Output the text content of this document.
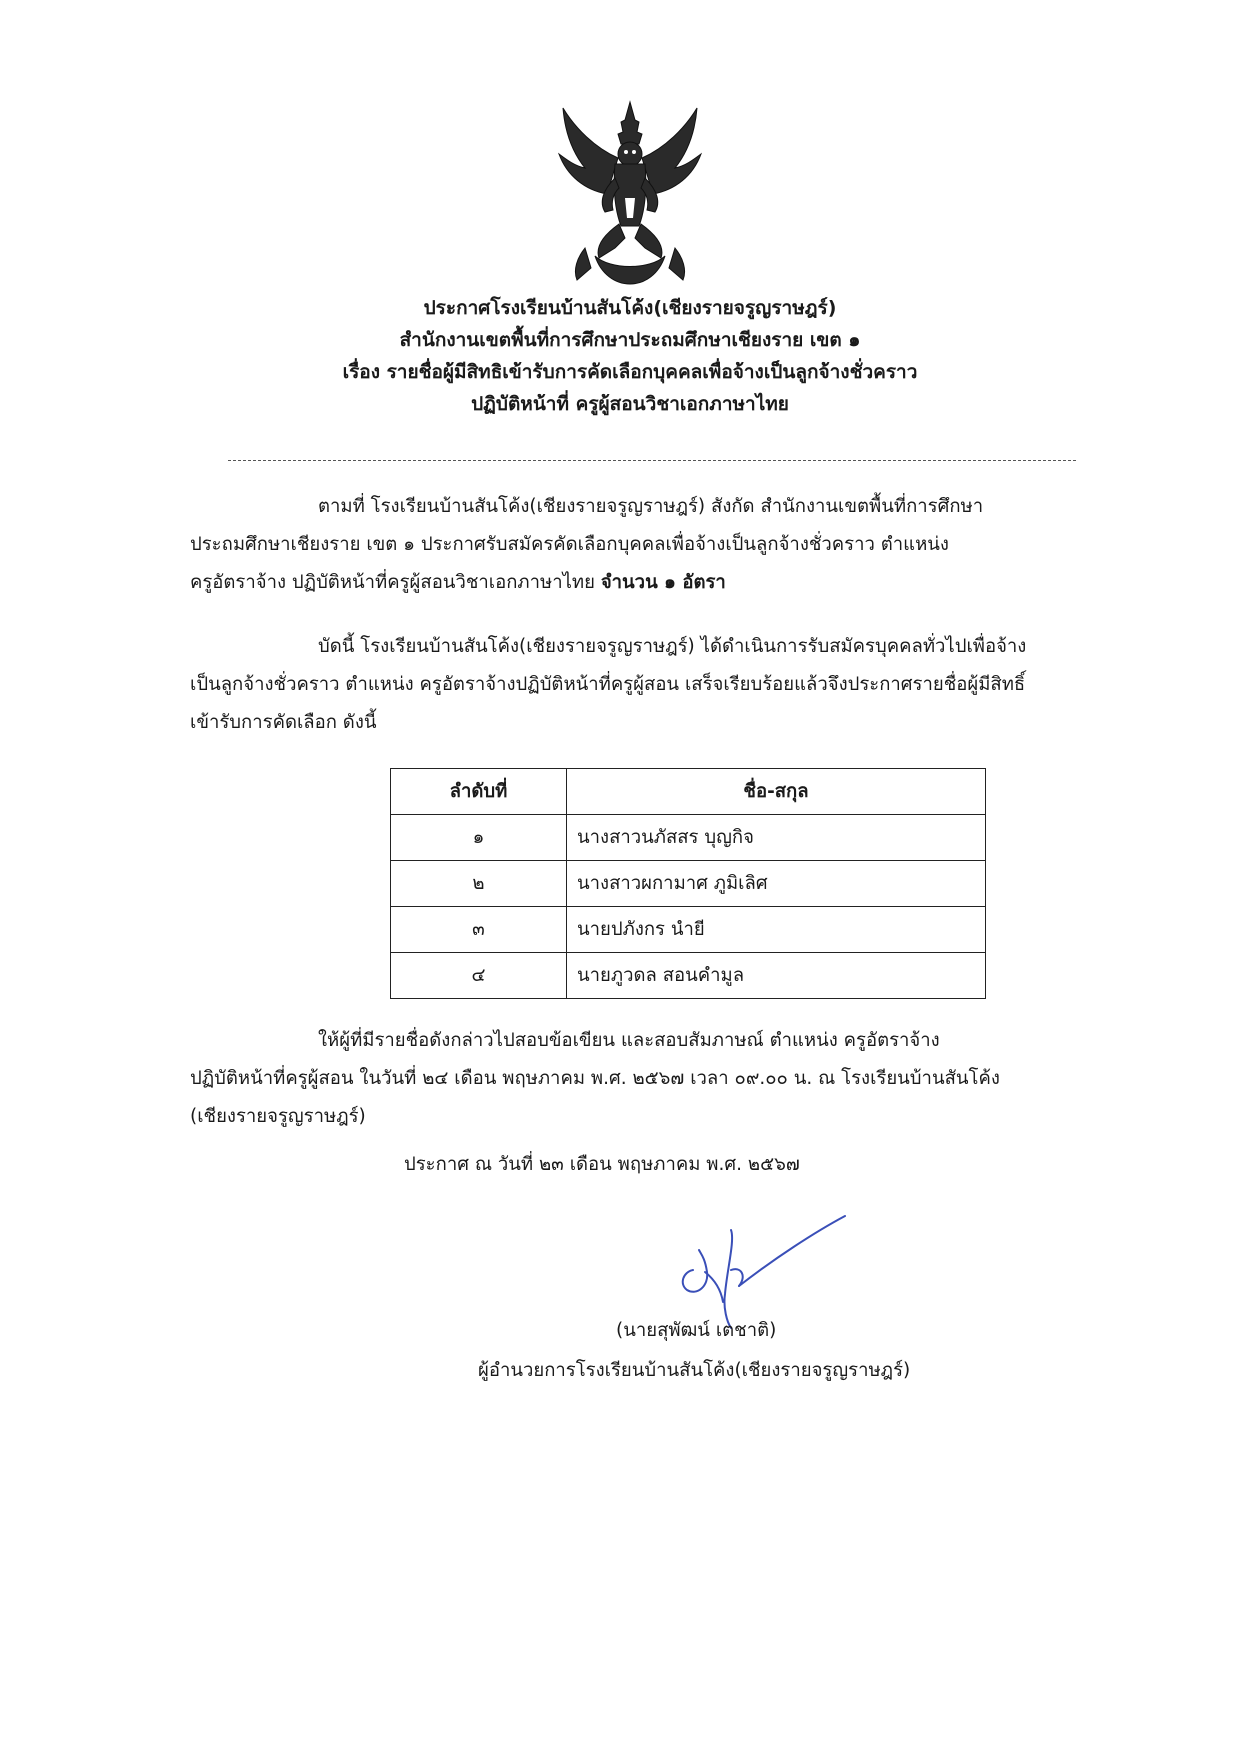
ประกาศโรงเรียนบ้านสันโค้ง(เชียงรายจรูญราษฎร์)
สำนักงานเขตพื้นที่การศึกษาประถมศึกษาเชียงราย เขต ๑
เรื่อง รายชื่อผู้มีสิทธิเข้ารับการคัดเลือกบุคคลเพื่อจ้างเป็นลูกจ้างชั่วคราว
ปฏิบัติหน้าที่ ครูผู้สอนวิชาเอกภาษาไทย
ตามที่ โรงเรียนบ้านสันโค้ง(เชียงรายจรูญราษฎร์) สังกัด สำนักงานเขตพื้นที่การศึกษา
ประถมศึกษาเชียงราย เขต ๑ ประกาศรับสมัครคัดเลือกบุคคลเพื่อจ้างเป็นลูกจ้างชั่วคราว ตำแหน่ง
ครูอัตราจ้าง ปฏิบัติหน้าที่ครูผู้สอนวิชาเอกภาษาไทย จำนวน ๑ อัตรา
บัดนี้ โรงเรียนบ้านสันโค้ง(เชียงรายจรูญราษฎร์) ได้ดำเนินการรับสมัครบุคคลทั่วไปเพื่อจ้าง
เป็นลูกจ้างชั่วคราว ตำแหน่ง ครูอัตราจ้างปฏิบัติหน้าที่ครูผู้สอน เสร็จเรียบร้อยแล้วจึงประกาศรายชื่อผู้มีสิทธิ์
เข้ารับการคัดเลือก ดังนี้
ลำดับที่	ชื่อ-สกุล
๑	นางสาวนภัสสร บุญกิจ
๒	นางสาวผกามาศ ภูมิเลิศ
๓	นายปภังกร นำยี
๔	นายภูวดล สอนคำมูล
ให้ผู้ที่มีรายชื่อดังกล่าวไปสอบข้อเขียน และสอบสัมภาษณ์ ตำแหน่ง ครูอัตราจ้าง
ปฏิบัติหน้าที่ครูผู้สอน ในวันที่ ๒๔ เดือน พฤษภาคม พ.ศ. ๒๕๖๗ เวลา ๐๙.๐๐ น. ณ โรงเรียนบ้านสันโค้ง
(เชียงรายจรูญราษฎร์)
ประกาศ ณ วันที่ ๒๓ เดือน พฤษภาคม พ.ศ. ๒๕๖๗
(นายสุพัฒน์ เตชาติ)
ผู้อำนวยการโรงเรียนบ้านสันโค้ง(เชียงรายจรูญราษฎร์)
